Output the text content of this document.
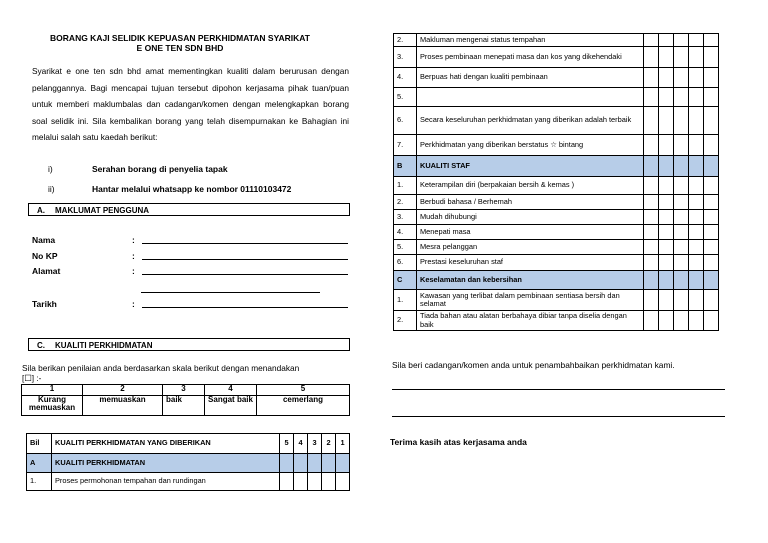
BORANG KAJI SELIDIK KEPUASAN PERKHIDMATAN SYARIKAT
E ONE TEN SDN BHD
Syarikat e one ten sdn bhd amat mementingkan kualiti dalam berurusan dengan pelanggannya. Bagi mencapai tujuan tersebut dipohon kerjasama pihak tuan/puan untuk memberi maklumbalas dan cadangan/komen dengan melengkapkan borang soal selidik ini. Sila kembalikan borang yang telah disempurnakan ke Bahagian ini melalui salah satu kaedah berikut:
i)	Serahan borang di penyelia tapak
ii)	Hantar melalui whatsapp ke nombor 01110103472
A. MAKLUMAT PENGGUNA
Nama	:
No KP	:
Alamat	:
Tarikh	:
C. KUALITI PERKHIDMATAN
Sila berikan penilaian anda berdasarkan skala berikut dengan menandakan
[☐] :-
1	2	3	4	5
Kurang memuaskan	memuaskan	baik	Sangat baik	cemerlang
Bil	KUALITI PERKHIDMATAN YANG DIBERIKAN	5	4	3	2	1
A	KUALITI PERKHIDMATAN					
1.	Proses permohonan tempahan dan rundingan					
2.	Makluman mengenai status tempahan					
3.	Proses pembinaan menepati masa dan kos yang dikehendaki					
4.	Berpuas hati dengan kualiti pembinaan					
5.						
6.	Secara keseluruhan perkhidmatan yang diberikan adalah terbaik					
7.	Perkhidmatan yang diberikan berstatus ☆ bintang					
B	KUALITI STAF					
1.	Keterampilan diri (berpakaian bersih & kemas )					
2.	Berbudi bahasa / Berhemah					
3.	Mudah dihubungi					
4.	Menepati masa					
5.	Mesra pelanggan					
6.	Prestasi keseluruhan staf					
C	Keselamatan dan kebersihan					
1.	Kawasan yang terlibat dalam pembinaan sentiasa bersih dan selamat					
2.	Tiada bahan atau alatan berbahaya dibiar tanpa diselia dengan baik					
Sila beri cadangan/komen anda untuk penambahbaikan perkhidmatan kami.
Terima kasih atas kerjasama anda
